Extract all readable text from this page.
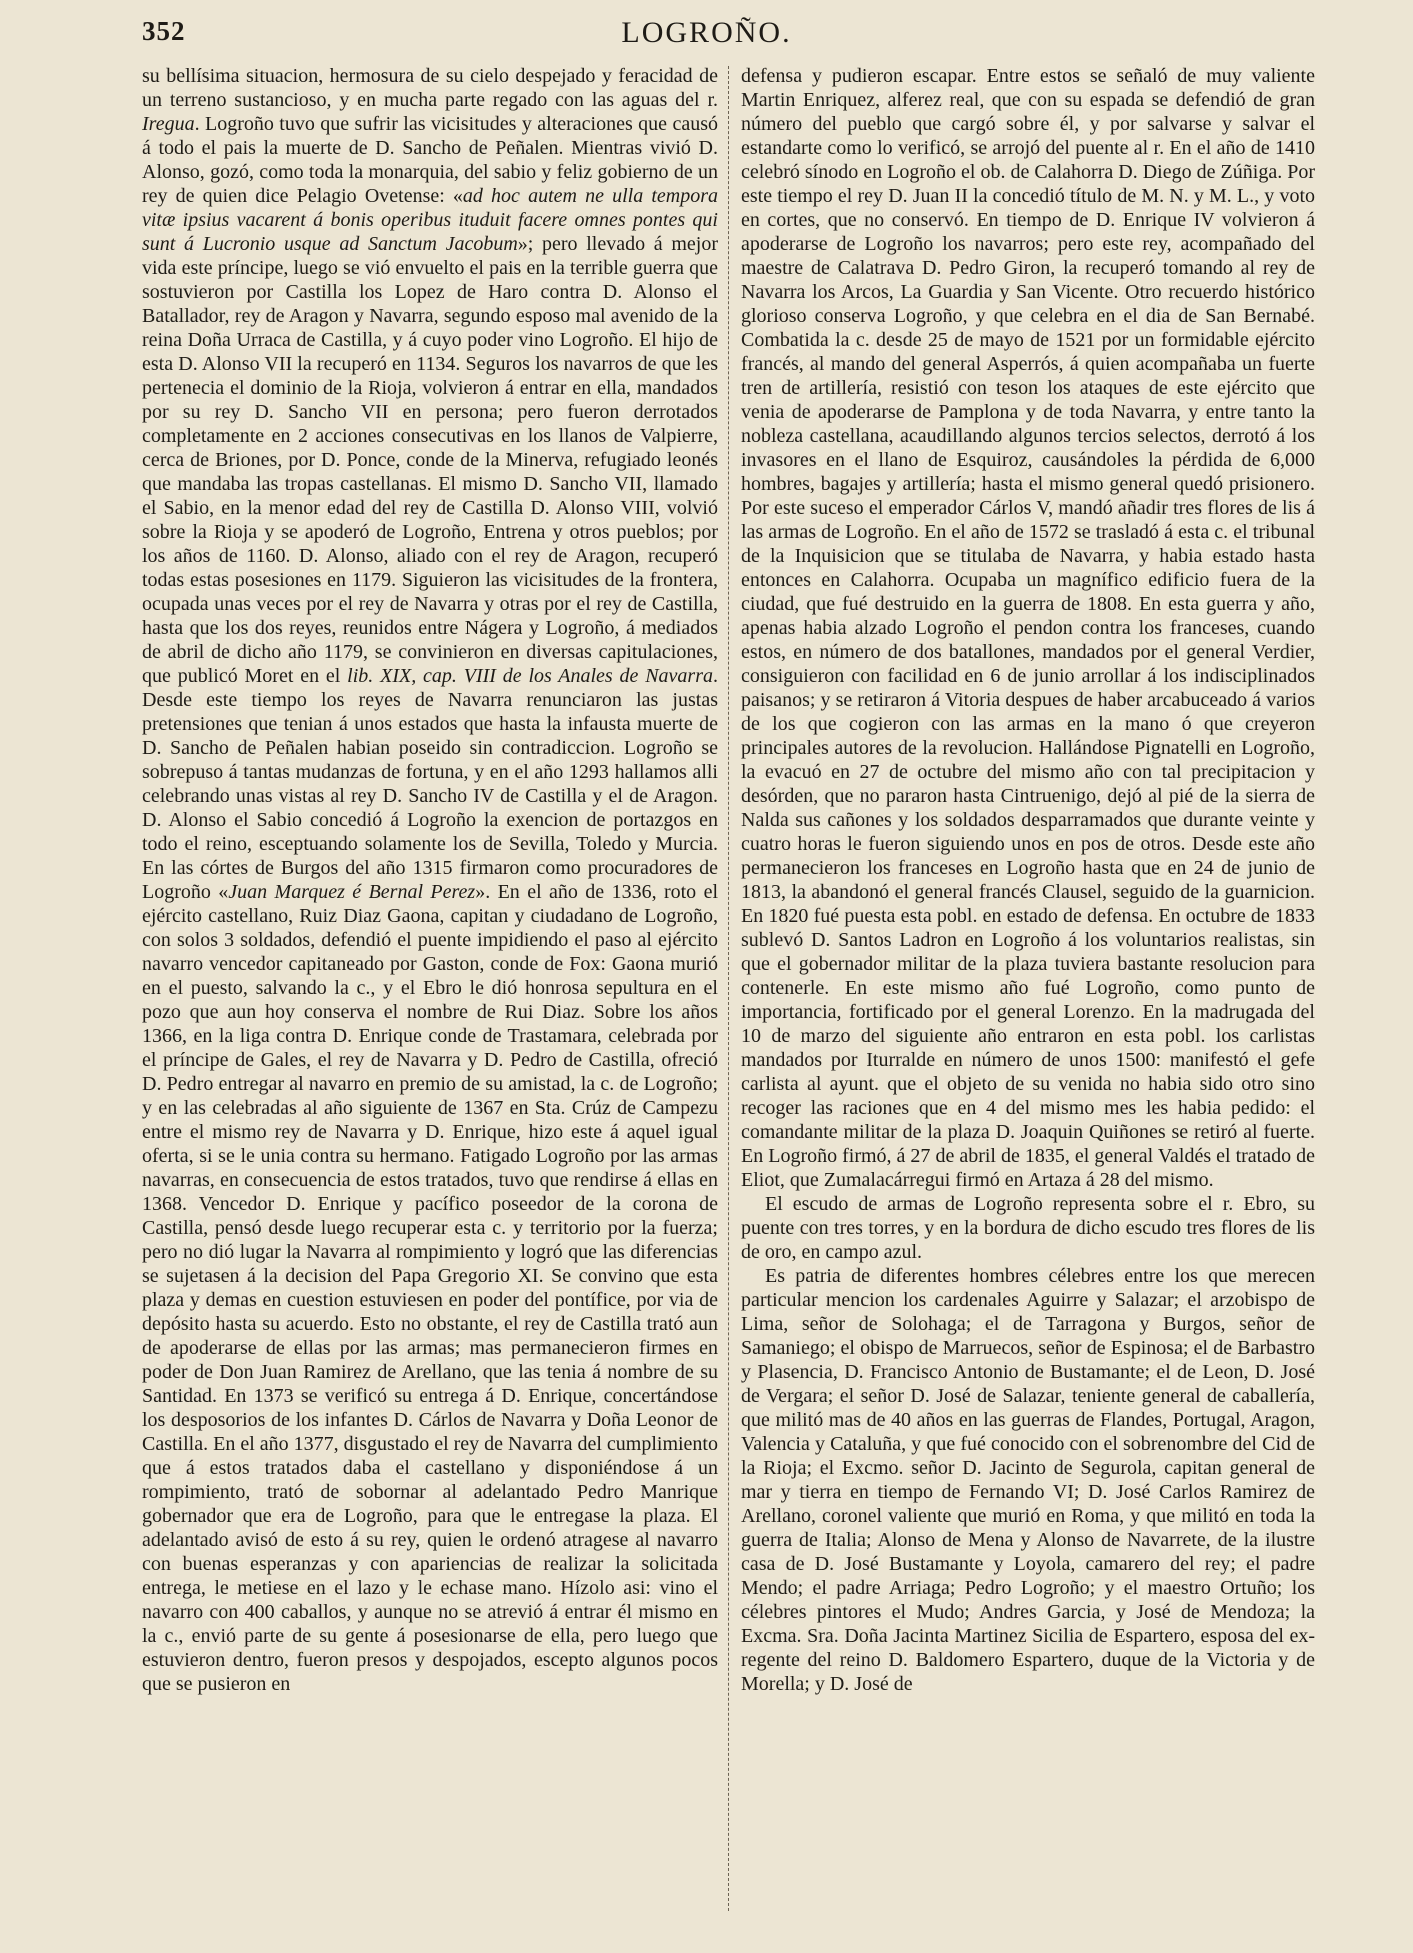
352	LOGROÑO.

su bellísima situacion, hermosura de su cielo despejado y feracidad de un terreno sustancioso, y en mucha parte regado con las aguas del r. Iregua. Logroño tuvo que sufrir las vicisitudes y alteraciones que causó á todo el pais la muerte de D. Sancho de Peñalen. Mientras vivió D. Alonso, gozó, como toda la monarquia, del sabio y feliz gobierno de un rey de quien dice Pelagio Ovetense: «ad hoc autem ne ulla tempora vitæ ipsius vacarent á bonis operibus ituduit facere omnes pontes qui sunt á Lucronio usque ad Sanctum Jacobum»; pero llevado á mejor vida este príncipe, luego se vió envuelto el pais en la terrible guerra que sostuvieron por Castilla los Lopez de Haro contra D. Alonso el Batallador, rey de Aragon y Navarra, segundo esposo mal avenido de la reina Doña Urraca de Castilla, y á cuyo poder vino Logroño. El hijo de esta D. Alonso VII la recuperó en 1134. Seguros los navarros de que les pertenecia el dominio de la Rioja, volvieron á entrar en ella, mandados por su rey D. Sancho VII en persona; pero fueron derrotados completamente en 2 acciones consecutivas en los llanos de Valpierre, cerca de Briones, por D. Ponce, conde de la Minerva, refugiado leonés que mandaba las tropas castellanas. El mismo D. Sancho VII, llamado el Sabio, en la menor edad del rey de Castilla D. Alonso VIII, volvió sobre la Rioja y se apoderó de Logroño, Entrena y otros pueblos; por los años de 1160. D. Alonso, aliado con el rey de Aragon, recuperó todas estas posesiones en 1179. Siguieron las vicisitudes de la frontera, ocupada unas veces por el rey de Navarra y otras por el rey de Castilla, hasta que los dos reyes, reunidos entre Nágera y Logroño, á mediados de abril de dicho año 1179, se convinieron en diversas capitulaciones, que publicó Moret en el lib. XIX, cap. VIII de los Anales de Navarra. Desde este tiempo los reyes de Navarra renunciaron las justas pretensiones que tenian á unos estados que hasta la infausta muerte de D. Sancho de Peñalen habian poseido sin contradiccion. Logroño se sobrepuso á tantas mudanzas de fortuna, y en el año 1293 hallamos alli celebrando unas vistas al rey D. Sancho IV de Castilla y el de Aragon. D. Alonso el Sabio concedió á Logroño la exencion de portazgos en todo el reino, esceptuando solamente los de Sevilla, Toledo y Murcia. En las córtes de Burgos del año 1315 firmaron como procuradores de Logroño «Juan Marquez é Bernal Perez». En el año de 1336, roto el ejército castellano, Ruiz Diaz Gaona, capitan y ciudadano de Logroño, con solos 3 soldados, defendió el puente impidiendo el paso al ejército navarro vencedor capitaneado por Gaston, conde de Fox: Gaona murió en el puesto, salvando la c., y el Ebro le dió honrosa sepultura en el pozo que aun hoy conserva el nombre de Rui Diaz. Sobre los años 1366, en la liga contra D. Enrique conde de Trastamara, celebrada por el príncipe de Gales, el rey de Navarra y D. Pedro de Castilla, ofreció D. Pedro entregar al navarro en premio de su amistad, la c. de Logroño; y en las celebradas al año siguiente de 1367 en Sta. Crúz de Campezu entre el mismo rey de Navarra y D. Enrique, hizo este á aquel igual oferta, si se le unia contra su hermano. Fatigado Logroño por las armas navarras, en consecuencia de estos tratados, tuvo que rendirse á ellas en 1368. Vencedor D. Enrique y pacífico poseedor de la corona de Castilla, pensó desde luego recuperar esta c. y territorio por la fuerza; pero no dió lugar la Navarra al rompimiento y logró que las diferencias se sujetasen á la decision del Papa Gregorio XI. Se convino que esta plaza y demas en cuestion estuviesen en poder del pontífice, por via de depósito hasta su acuerdo. Esto no obstante, el rey de Castilla trató aun de apoderarse de ellas por las armas; mas permanecieron firmes en poder de Don Juan Ramirez de Arellano, que las tenia á nombre de su Santidad. En 1373 se verificó su entrega á D. Enrique, concertándose los desposorios de los infantes D. Cárlos de Navarra y Doña Leonor de Castilla. En el año 1377, disgustado el rey de Navarra del cumplimiento que á estos tratados daba el castellano y disponiéndose á un rompimiento, trató de sobornar al adelantado Pedro Manrique gobernador que era de Logroño, para que le entregase la plaza. El adelantado avisó de esto á su rey, quien le ordenó atragese al navarro con buenas esperanzas y con apariencias de realizar la solicitada entrega, le metiese en el lazo y le echase mano. Hízolo asi: vino el navarro con 400 caballos, y aunque no se atrevió á entrar él mismo en la c., envió parte de su gente á posesionarse de ella, pero luego que estuvieron dentro, fueron presos y despojados, escepto algunos pocos que se pusieron en

defensa y pudieron escapar. Entre estos se señaló de muy valiente Martin Enriquez, alferez real, que con su espada se defendió de gran número del pueblo que cargó sobre él, y por salvarse y salvar el estandarte como lo verificó, se arrojó del puente al r. En el año de 1410 celebró sínodo en Logroño el ob. de Calahorra D. Diego de Zúñiga. Por este tiempo el rey D. Juan II la concedió título de M. N. y M. L., y voto en cortes, que no conservó. En tiempo de D. Enrique IV volvieron á apoderarse de Logroño los navarros; pero este rey, acompañado del maestre de Calatrava D. Pedro Giron, la recuperó tomando al rey de Navarra los Arcos, La Guardia y San Vicente. Otro recuerdo histórico glorioso conserva Logroño, y que celebra en el dia de San Bernabé. Combatida la c. desde 25 de mayo de 1521 por un formidable ejército francés, al mando del general Asperrós, á quien acompañaba un fuerte tren de artillería, resistió con teson los ataques de este ejército que venia de apoderarse de Pamplona y de toda Navarra, y entre tanto la nobleza castellana, acaudillando algunos tercios selectos, derrotó á los invasores en el llano de Esquiroz, causándoles la pérdida de 6,000 hombres, bagajes y artillería; hasta el mismo general quedó prisionero. Por este suceso el emperador Cárlos V, mandó añadir tres flores de lis á las armas de Logroño. En el año de 1572 se trasladó á esta c. el tribunal de la Inquisicion que se titulaba de Navarra, y habia estado hasta entonces en Calahorra. Ocupaba un magnífico edificio fuera de la ciudad, que fué destruido en la guerra de 1808. En esta guerra y año, apenas habia alzado Logroño el pendon contra los franceses, cuando estos, en número de dos batallones, mandados por el general Verdier, consiguieron con facilidad en 6 de junio arrollar á los indisciplinados paisanos; y se retiraron á Vitoria despues de haber arcabuceado á varios de los que cogieron con las armas en la mano ó que creyeron principales autores de la revolucion. Hallándose Pignatelli en Logroño, la evacuó en 27 de octubre del mismo año con tal precipitacion y desórden, que no pararon hasta Cintruenigo, dejó al pié de la sierra de Nalda sus cañones y los soldados desparramados que durante veinte y cuatro horas le fueron siguiendo unos en pos de otros. Desde este año permanecieron los franceses en Logroño hasta que en 24 de junio de 1813, la abandonó el general francés Clausel, seguido de la guarnicion. En 1820 fué puesta esta pobl. en estado de defensa. En octubre de 1833 sublevó D. Santos Ladron en Logroño á los voluntarios realistas, sin que el gobernador militar de la plaza tuviera bastante resolucion para contenerle. En este mismo año fué Logroño, como punto de importancia, fortificado por el general Lorenzo. En la madrugada del 10 de marzo del siguiente año entraron en esta pobl. los carlistas mandados por Iturralde en número de unos 1500: manifestó el gefe carlista al ayunt. que el objeto de su venida no habia sido otro sino recoger las raciones que en 4 del mismo mes les habia pedido: el comandante militar de la plaza D. Joaquin Quiñones se retiró al fuerte. En Logroño firmó, á 27 de abril de 1835, el general Valdés el tratado de Eliot, que Zumalacárregui firmó en Artaza á 28 del mismo.

El escudo de armas de Logroño representa sobre el r. Ebro, su puente con tres torres, y en la bordura de dicho escudo tres flores de lis de oro, en campo azul.

Es patria de diferentes hombres célebres entre los que merecen particular mencion los cardenales Aguirre y Salazar; el arzobispo de Lima, señor de Solohaga; el de Tarragona y Burgos, señor de Samaniego; el obispo de Marruecos, señor de Espinosa; el de Barbastro y Plasencia, D. Francisco Antonio de Bustamante; el de Leon, D. José de Vergara; el señor D. José de Salazar, teniente general de caballería, que militó mas de 40 años en las guerras de Flandes, Portugal, Aragon, Valencia y Cataluña, y que fué conocido con el sobrenombre del Cid de la Rioja; el Excmo. señor D. Jacinto de Segurola, capitan general de mar y tierra en tiempo de Fernando VI; D. José Carlos Ramirez de Arellano, coronel valiente que murió en Roma, y que militó en toda la guerra de Italia; Alonso de Mena y Alonso de Navarrete, de la ilustre casa de D. José Bustamante y Loyola, camarero del rey; el padre Mendo; el padre Arriaga; Pedro Logroño; y el maestro Ortuño; los célebres pintores el Mudo; Andres Garcia, y José de Mendoza; la Excma. Sra. Doña Jacinta Martinez Sicilia de Espartero, esposa del ex-regente del reino D. Baldomero Espartero, duque de la Victoria y de Morella; y D. José de
